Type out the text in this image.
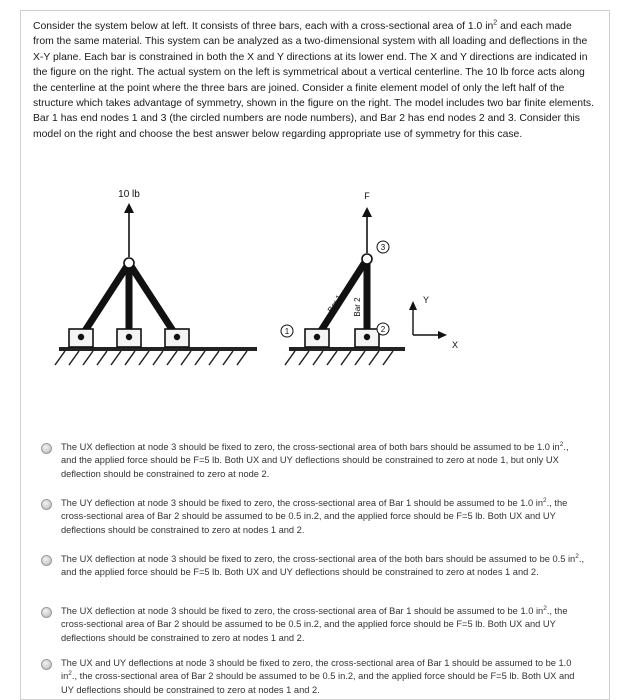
Consider the system below at left. It consists of three bars, each with a cross-sectional area of 1.0 $in^2$ and each made from the same material. This system can be analyzed as a two-dimensional system with all loading and deflections in the X-Y plane. Each bar is constrained in both the X and Y directions at its lower end. The X and Y directions are indicated in the figure on the right. The actual system on the left is symmetrical about a vertical centerline. The 10 lb force acts along the centerline at the point where the three bars are joined. Consider a finite element model of only the left half of the structure which takes advantage of symmetry, shown in the figure on the right. The model includes two bar finite elements. Bar 1 has end nodes 1 and 3 (the circled numbers are node numbers), and Bar 2 has end nodes 2 and 3. Consider this model on the right and choose the best answer below regarding appropriate use of symmetry for this case.

10 lb	F
Bar 1 Bar 2
1	2
3
Y
X
The UX deflection at node 3 should be fixed to zero, the cross-sectional area of both bars should be assumed to be 1.0 $in^2$., and the applied force should be F=5 lb. Both UX and UY deflections should be constrained to zero at node 1, but only UX deflection should be constrained to zero at node 2.
The UY deflection at node 3 should be fixed to zero, the cross-sectional area of Bar 1 should be assumed to be 1.0 $in^2$., the cross-sectional area of Bar 2 should be assumed to be 0.5 in.2, and the applied force should be F=5 lb. Both UX and UY deflections should be constrained to zero at nodes 1 and 2.
The UX deflection at node 3 should be fixed to zero, the cross-sectional area of the both bars should be assumed to be 0.5 $in^2$., and the applied force should be F=5 lb. Both UX and UY deflections should be constrained to zero at nodes 1 and 2.
The UX deflection at node 3 should be fixed to zero, the cross-sectional area of Bar 1 should be assumed to be 1.0 $in^2$., the cross-sectional area of Bar 2 should be assumed to be 0.5 in.2, and the applied force should be F=5 lb. Both UX and UY deflections should be constrained to zero at nodes 1 and 2.
The UX and UY deflections at node 3 should be fixed to zero, the cross-sectional area of Bar 1 should be assumed to be 1.0 $in^2$., the cross-sectional area of Bar 2 should be assumed to be 0.5 in.2, and the applied force should be F=5 lb. Both UX and UY deflections should be constrained to zero at nodes 1 and 2.
